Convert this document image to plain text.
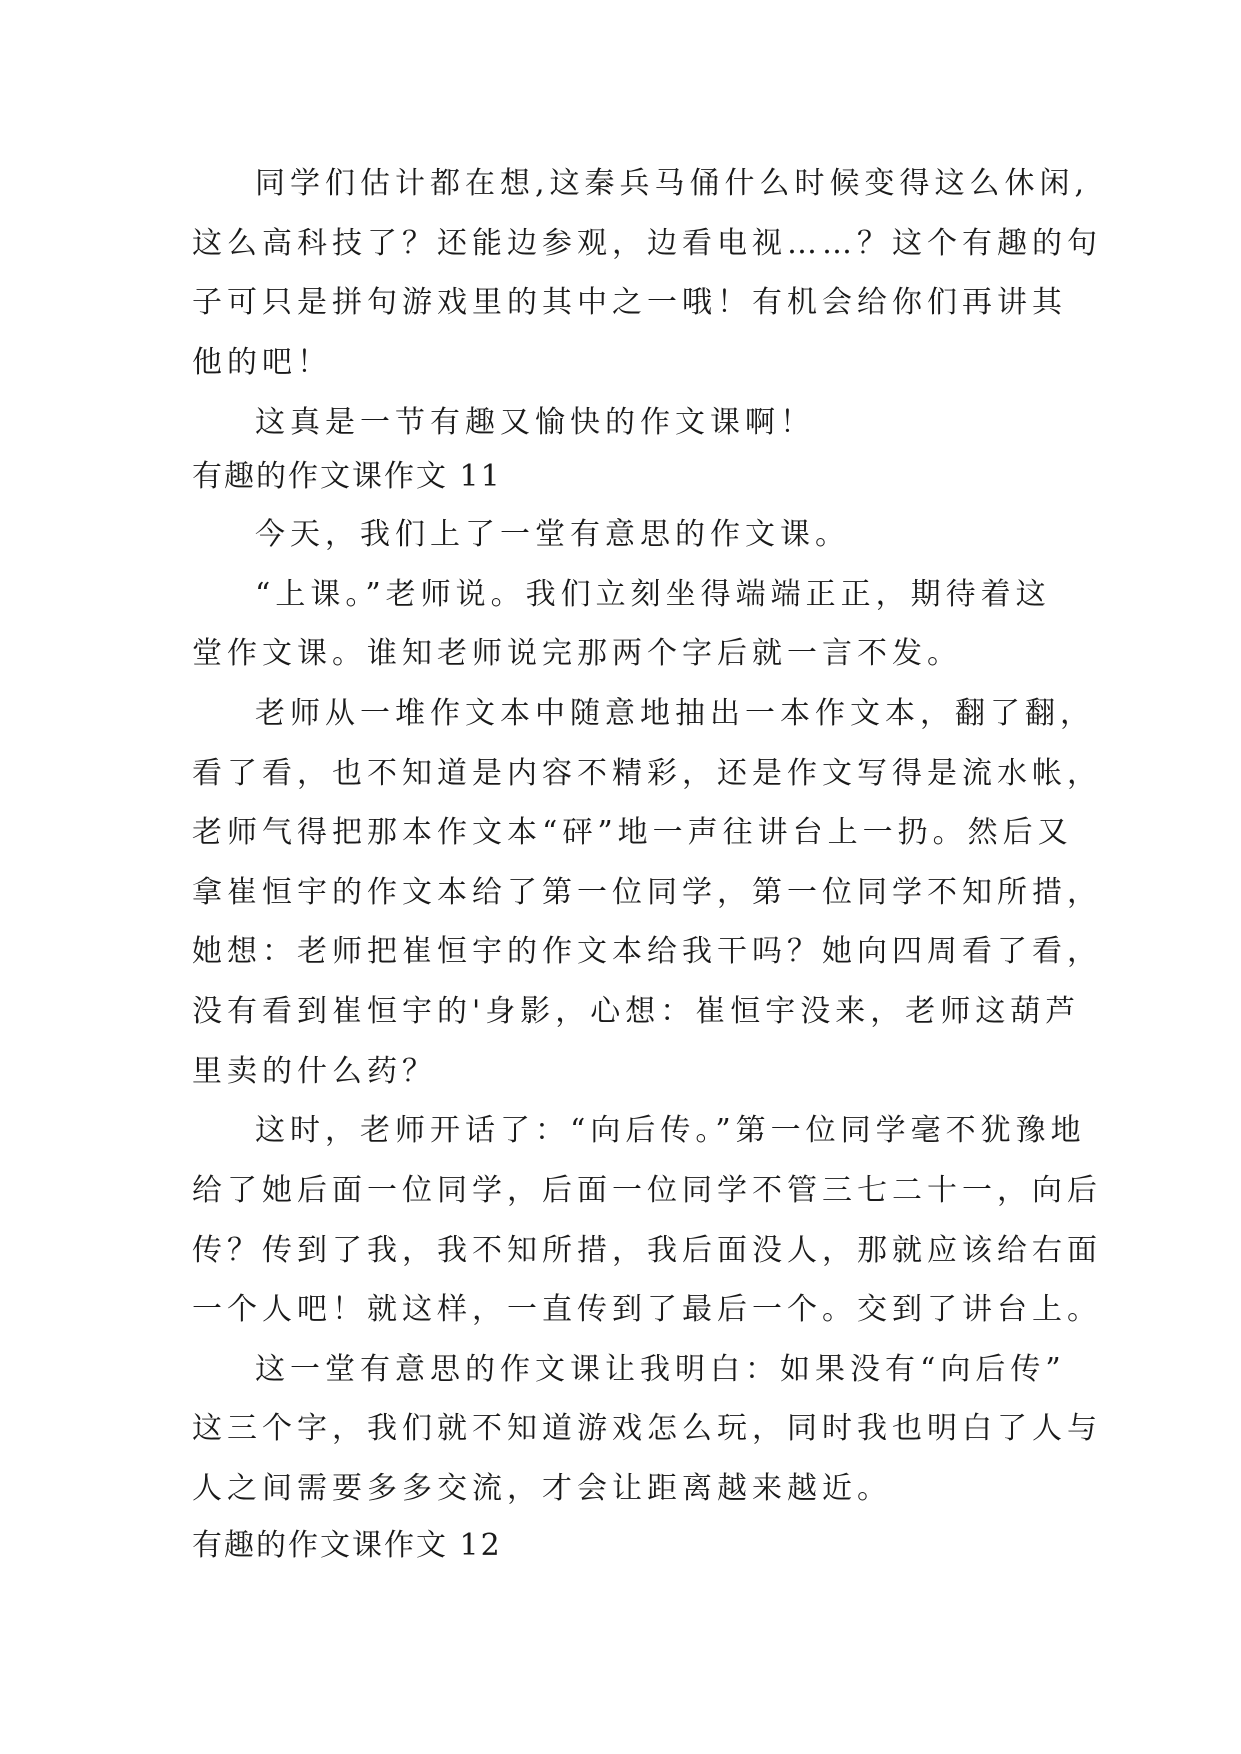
同学们估计都在想,这秦兵马俑什么时候变得这么休闲,
这么高科技了？还能边参观，边看电视……？这个有趣的句
子可只是拼句游戏里的其中之一哦！有机会给你们再讲其
他的吧！
这真是一节有趣又愉快的作文课啊！
有趣的作文课作文 11
今天，我们上了一堂有意思的作文课。
“上课。”老师说。我们立刻坐得端端正正，期待着这
堂作文课。谁知老师说完那两个字后就一言不发。
老师从一堆作文本中随意地抽出一本作文本，翻了翻，
看了看，也不知道是内容不精彩，还是作文写得是流水帐，
老师气得把那本作文本“砰”地一声往讲台上一扔。然后又
拿崔恒宇的作文本给了第一位同学，第一位同学不知所措，
她想：老师把崔恒宇的作文本给我干吗？她向四周看了看，
没有看到崔恒宇的'身影，心想：崔恒宇没来，老师这葫芦
里卖的什么药？
这时，老师开话了：“向后传。”第一位同学毫不犹豫地
给了她后面一位同学，后面一位同学不管三七二十一，向后
传？传到了我，我不知所措，我后面没人，那就应该给右面
一个人吧！就这样，一直传到了最后一个。交到了讲台上。
这一堂有意思的作文课让我明白：如果没有“向后传”
这三个字，我们就不知道游戏怎么玩，同时我也明白了人与
人之间需要多多交流，才会让距离越来越近。
有趣的作文课作文 12
